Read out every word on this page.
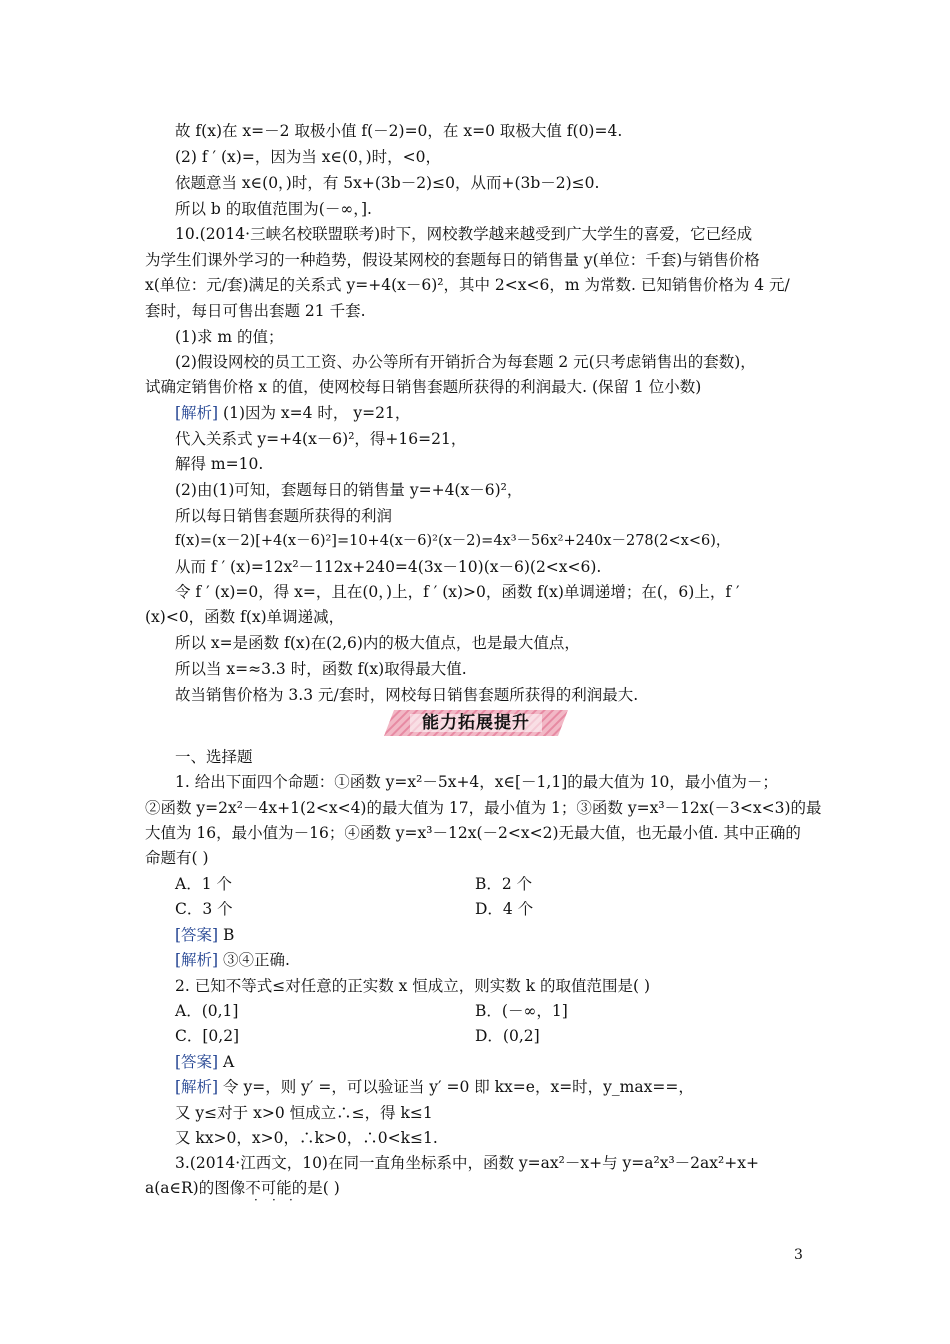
故 f(x)在 x=－2 取极小值 f(－2)=0，在 x=0 取极大值 f(0)=4.
(2) f ′ (x)=，因为当 x∈(0，)时，<0，
依题意当 x∈(0，)时，有 5x+(3b－2)≤0，从而+(3b－2)≤0.
所以 b 的取值范围为(－∞，].
10.(2014·三峡名校联盟联考)时下，网校教学越来越受到广大学生的喜爱，它已经成
为学生们课外学习的一种趋势，假设某网校的套题每日的销售量 y(单位：千套)与销售价格
x(单位：元/套)满足的关系式 y=+4(x－6)²，其中 2<x<6，m 为常数. 已知销售价格为 4 元/
套时，每日可售出套题 21 千套.
(1)求 m 的值；
(2)假设网校的员工工资、办公等所有开销折合为每套题 2 元(只考虑销售出的套数)，
试确定销售价格 x 的值，使网校每日销售套题所获得的利润最大. (保留 1 位小数)
[解析] (1)因为 x=4 时， y=21，
代入关系式 y=+4(x－6)²，得+16=21，
解得 m=10.
(2)由(1)可知，套题每日的销售量 y=+4(x－6)²，
所以每日销售套题所获得的利润
f(x)=(x－2)[+4(x－6)²]=10+4(x－6)²(x－2)=4x³－56x²+240x－278(2<x<6)，
从而 f ′ (x)=12x²－112x+240=4(3x－10)(x－6)(2<x<6).
令 f ′ (x)=0，得 x=，且在(0，)上，f ′ (x)>0，函数 f(x)单调递增；在(，6)上，f ′
(x)<0，函数 f(x)单调递减，
所以 x=是函数 f(x)在(2,6)内的极大值点，也是最大值点，
所以当 x=≈3.3 时，函数 f(x)取得最大值.
故当销售价格为 3.3 元/套时，网校每日销售套题所获得的利润最大.
能力拓展提升
一、选择题
1. 给出下面四个命题：①函数 y=x²－5x+4，x∈[－1,1]的最大值为 10，最小值为－；
②函数 y=2x²－4x+1(2<x<4)的最大值为 17，最小值为 1；③函数 y=x³－12x(－3<x<3)的最
大值为 16，最小值为－16；④函数 y=x³－12x(－2<x<2)无最大值，也无最小值. 其中正确的
命题有( )
A．1 个	B．2 个
C．3 个	D．4 个
[答案] B
[解析] ③④正确.
2. 已知不等式≤对任意的正实数 x 恒成立，则实数 k 的取值范围是( )
A．(0,1]	B．(－∞，1]
C．[0,2]	D．(0,2]
[答案] A
[解析] 令 y=，则 y′ =，可以验证当 y′ =0 即 kx=e，x=时，y_max==，
又 y≤对于 x>0 恒成立∴≤，得 k≤1
又 kx>0，x>0，∴k>0，∴0<k≤1.
3.(2014·江西文，10)在同一直角坐标系中，函数 y=ax²－x+与 y=a²x³－2ax²+x+
a(a∈R)的图像不可能的是( )
· · ·
3
